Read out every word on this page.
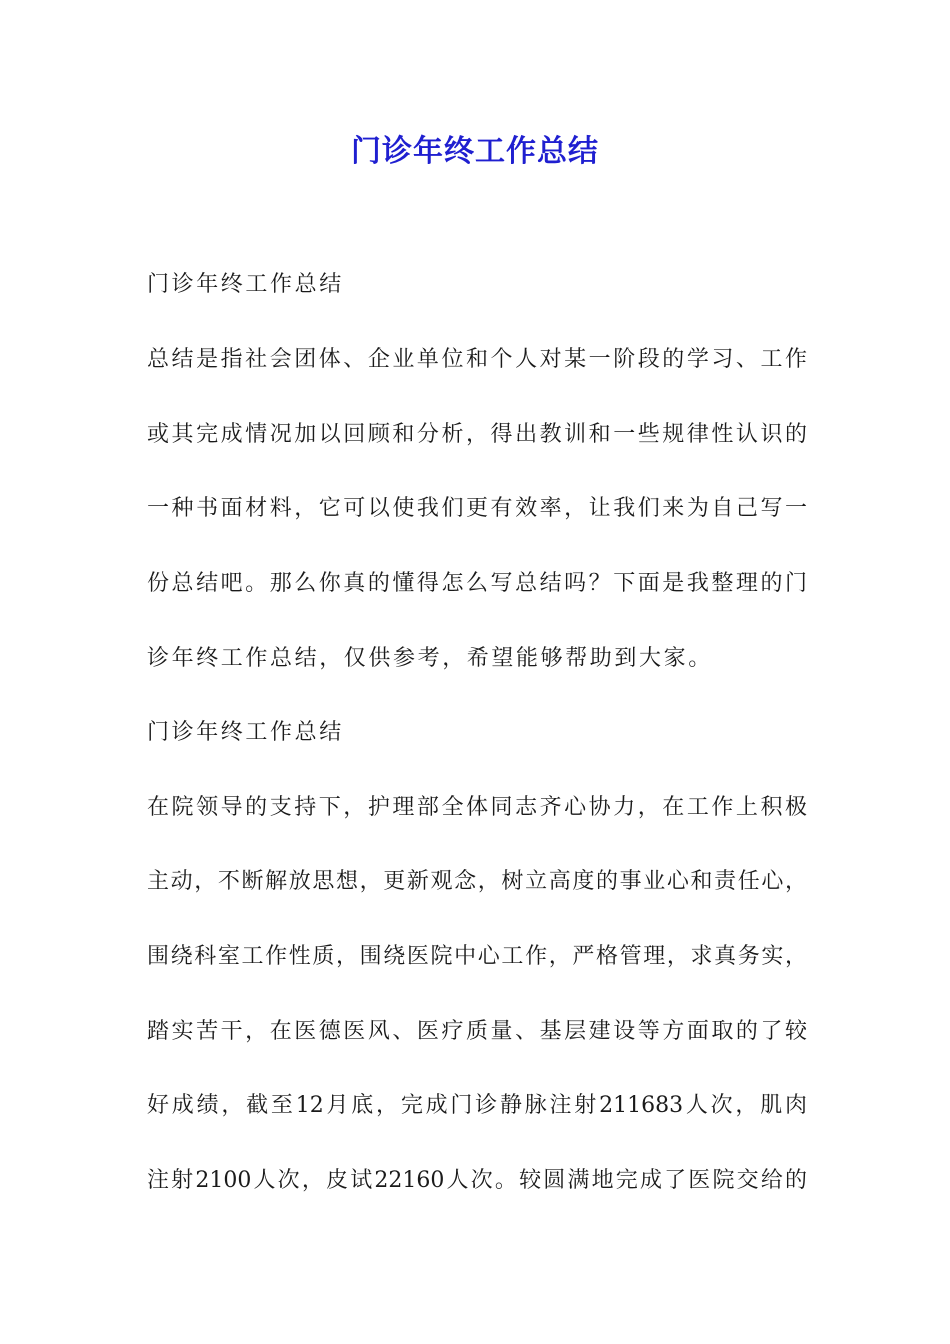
门诊年终工作总结
门诊年终工作总结
总结是指社会团体、企业单位和个人对某一阶段的学习、工作
或其完成情况加以回顾和分析，得出教训和一些规律性认识的
一种书面材料，它可以使我们更有效率，让我们来为自己写一
份总结吧。那么你真的懂得怎么写总结吗？下面是我整理的门
诊年终工作总结，仅供参考，希望能够帮助到大家。
门诊年终工作总结
在院领导的支持下，护理部全体同志齐心协力，在工作上积极
主动，不断解放思想，更新观念，树立高度的事业心和责任心，
围绕科室工作性质，围绕医院中心工作，严格管理，求真务实，
踏实苦干，在医德医风、医疗质量、基层建设等方面取的了较
好成绩，截至12月底，完成门诊静脉注射211683人次，肌肉
注射2100人次，皮试22160人次。较圆满地完成了医院交给的
